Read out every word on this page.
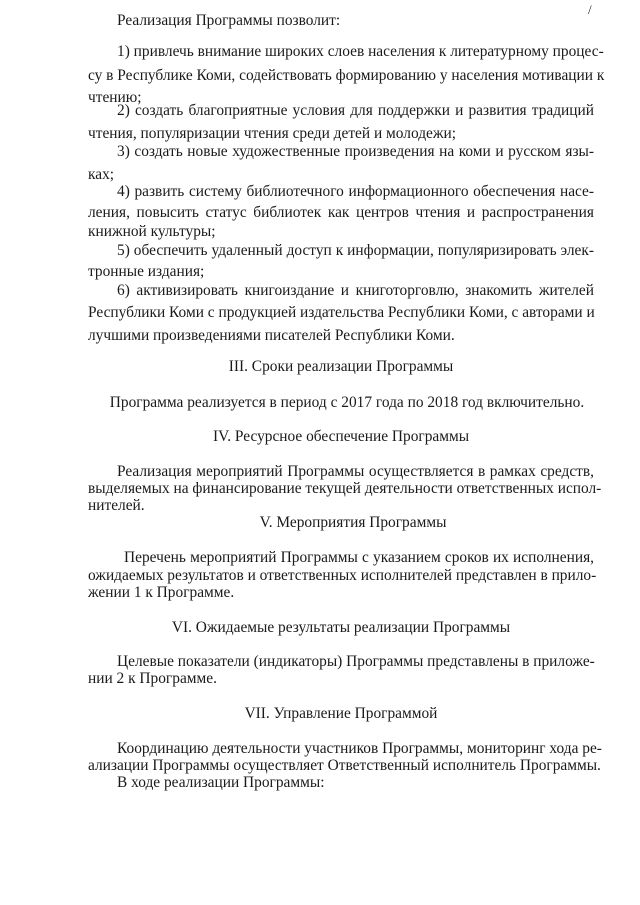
/
Реализация Программы позволит:
1) привлечь внимание широких слоев населения к литературному процес-
су в Республике Коми, содействовать формированию у населения мотивации к
чтению;
2) создать благоприятные условия для поддержки и развития традиций
чтения, популяризации чтения среди детей и молодежи;
3) создать новые художественные произведения на коми и русском язы-
ках;
4) развить систему библиотечного информационного обеспечения насе-
ления, повысить статус библиотек как центров чтения и распространения
книжной культуры;
5) обеспечить удаленный доступ к информации, популяризировать элек-
тронные издания;
6) активизировать книгоиздание и книготорговлю, знакомить жителей
Республики Коми с продукцией издательства Республики Коми, с авторами и
лучшими произведениями писателей Республики Коми.
III. Сроки реализации Программы
Программа реализуется в период с 2017 года по 2018 год включительно.
IV. Ресурсное обеспечение Программы
Реализация мероприятий Программы осуществляется в рамках средств,
выделяемых на финансирование текущей деятельности ответственных испол-
нителей.
V. Мероприятия Программы
Перечень мероприятий Программы с указанием сроков их исполнения,
ожидаемых результатов и ответственных исполнителей представлен в прило-
жении 1 к Программе.
VI. Ожидаемые результаты реализации Программы
Целевые показатели (индикаторы) Программы представлены в приложе-
нии 2 к Программе.
VII. Управление Программой
Координацию деятельности участников Программы, мониторинг хода ре-
ализации Программы осуществляет Ответственный исполнитель Программы.
В ходе реализации Программы:
